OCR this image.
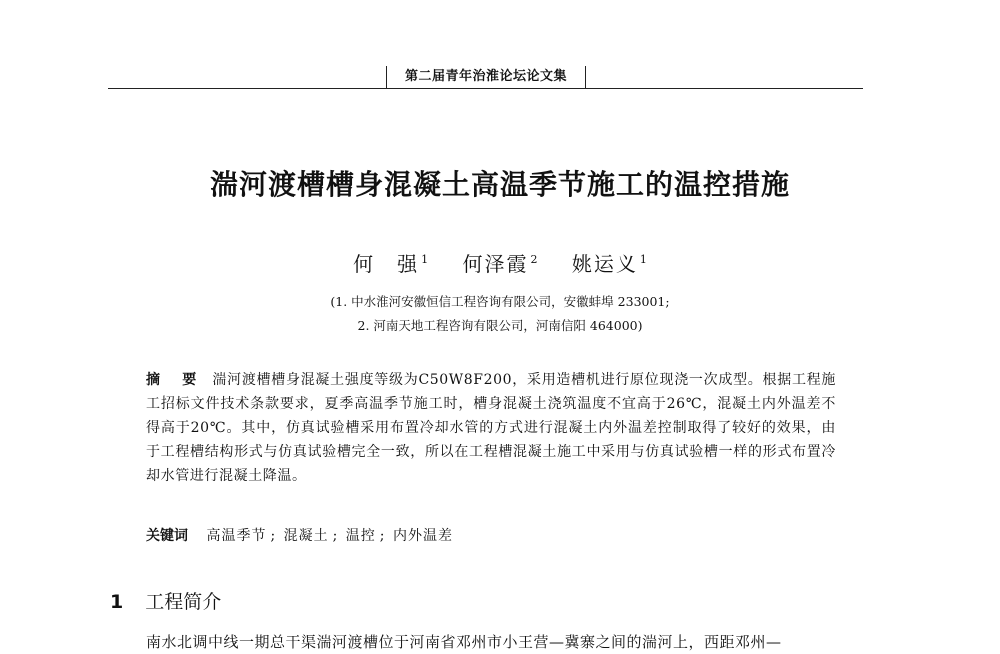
第二届青年治淮论坛论文集
湍河渡槽槽身混凝土高温季节施工的温控措施
何　强 $^1$ 何泽霞 $^2$ 姚运义 $^1$
(1. 中水淮河安徽恒信工程咨询有限公司，安徽蚌埠 233001;
2. 河南天地工程咨询有限公司，河南信阳 464000)
摘　要 湍河渡槽槽身混凝土强度等级为C50W8F200，采用造槽机进行原位现浇一次成型。根据工程施工招标文件技术条款要求，夏季高温季节施工时，槽身混凝土浇筑温度不宜高于26℃，混凝土内外温差不得高于20℃。其中，仿真试验槽采用布置冷却水管的方式进行混凝土内外温差控制取得了较好的效果，由于工程槽结构形式与仿真试验槽完全一致，所以在工程槽混凝土施工中采用与仿真试验槽一样的形式布置冷却水管进行混凝土降温。
关键词 高温季节 ; 混凝土 ; 温控 ; 内外温差
1 工程简介
南水北调中线一期总干渠湍河渡槽位于河南省邓州市小王营—冀寨之间的湍河上，西距邓州—
